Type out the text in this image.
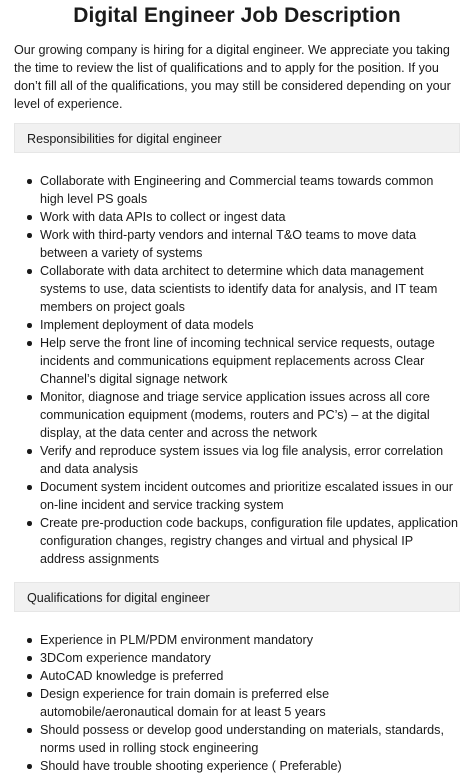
Digital Engineer Job Description

Our growing company is hiring for a digital engineer. We appreciate you taking the time to review the list of qualifications and to apply for the position. If you don’t fill all of the qualifications, you may still be considered depending on your level of experience.

Responsibilities for digital engineer
Collaborate with Engineering and Commercial teams towards common high level PS goals
Work with data APIs to collect or ingest data
Work with third-party vendors and internal T&O teams to move data between a variety of systems
Collaborate with data architect to determine which data management systems to use, data scientists to identify data for analysis, and IT team members on project goals
Implement deployment of data models
Help serve the front line of incoming technical service requests, outage incidents and communications equipment replacements across Clear Channel’s digital signage network
Monitor, diagnose and triage service application issues across all core communication equipment (modems, routers and PC’s) – at the digital display, at the data center and across the network
Verify and reproduce system issues via log file analysis, error correlation and data analysis
Document system incident outcomes and prioritize escalated issues in our on-line incident and service tracking system
Create pre-production code backups, configuration file updates, application configuration changes, registry changes and virtual and physical IP address assignments
Qualifications for digital engineer
Experience in PLM/PDM environment mandatory
3DCom experience mandatory
AutoCAD knowledge is preferred
Design experience for train domain is preferred else automobile/aeronautical domain for at least 5 years
Should possess or develop good understanding on materials, standards, norms used in rolling stock engineering
Should have trouble shooting experience ( Preferable)
